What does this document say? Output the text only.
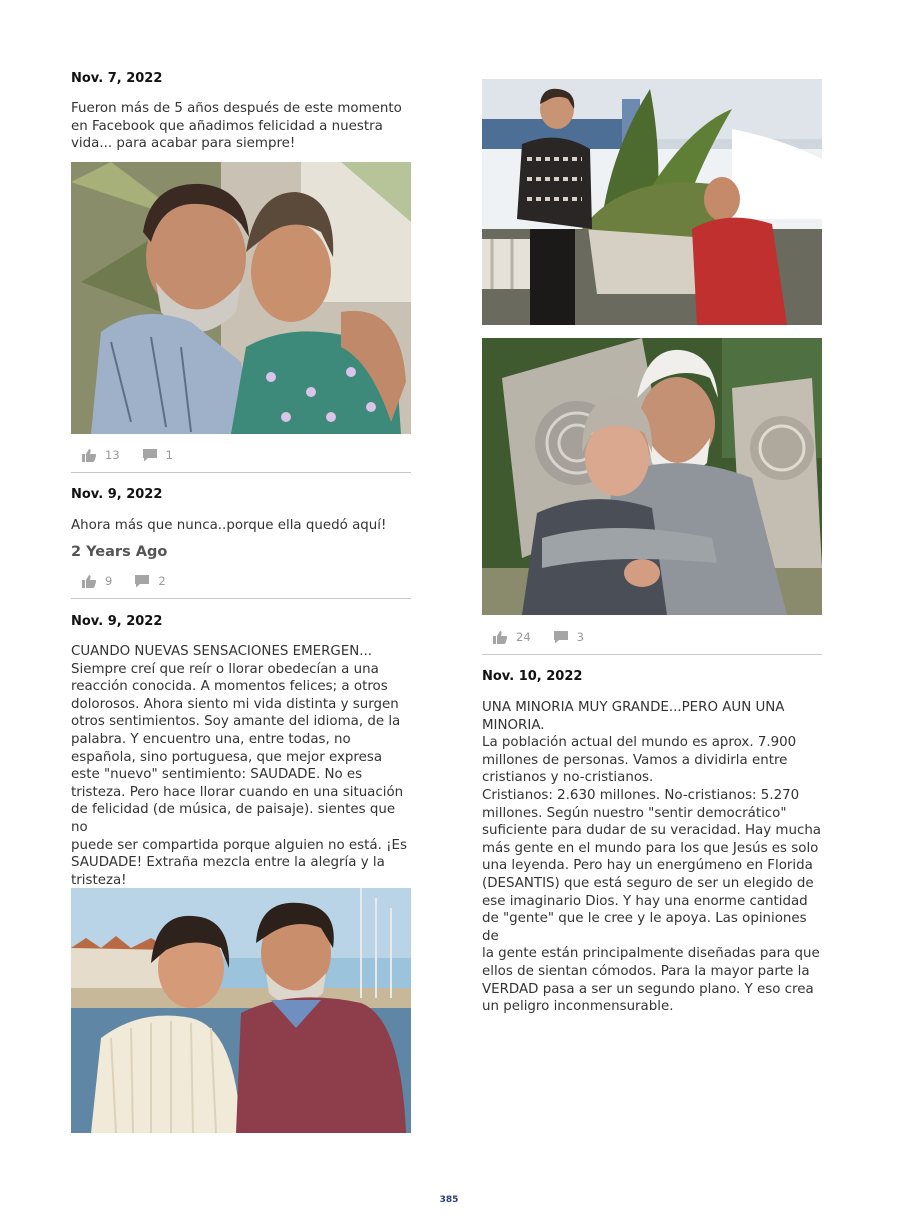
Nov. 7, 2022
Fueron más de 5 años después de este momento
en Facebook que añadimos felicidad a nuestra
vida... para acabar para siempre!
13	1
Nov. 9, 2022
Ahora más que nunca..porque ella quedó aquí!
2 Years Ago
9	2
Nov. 9, 2022
CUANDO NUEVAS SENSACIONES EMERGEN...
Siempre creí que reír o llorar obedecían a una
reacción conocida. A momentos felices; a otros
dolorosos. Ahora siento mi vida distinta y surgen
otros sentimientos. Soy amante del idioma, de la
palabra. Y encuentro una, entre todas, no
española, sino portuguesa, que mejor expresa
este "nuevo" sentimiento: SAUDADE. No es
tristeza. Pero hace llorar cuando en una situación
de felicidad (de música, de paisaje). sientes que no
puede ser compartida porque alguien no está. ¡Es
SAUDADE! Extraña mezcla entre la alegría y la
tristeza!
24	3
Nov. 10, 2022
UNA MINORIA MUY GRANDE...PERO AUN UNA
MINORIA.
La población actual del mundo es aprox. 7.900
millones de personas. Vamos a dividirla entre
cristianos y no-cristianos.
Cristianos: 2.630 millones. No-cristianos: 5.270
millones. Según nuestro "sentir democrático"
suficiente para dudar de su veracidad. Hay mucha
más gente en el mundo para los que Jesús es solo
una leyenda. Pero hay un energúmeno en Florida
(DESANTIS) que está seguro de ser un elegido de
ese imaginario Dios. Y hay una enorme cantidad
de "gente" que le cree y le apoya. Las opiniones de
la gente están principalmente diseñadas para que
ellos de sientan cómodos. Para la mayor parte la
VERDAD pasa a ser un segundo plano. Y eso crea
un peligro inconmensurable.
385
